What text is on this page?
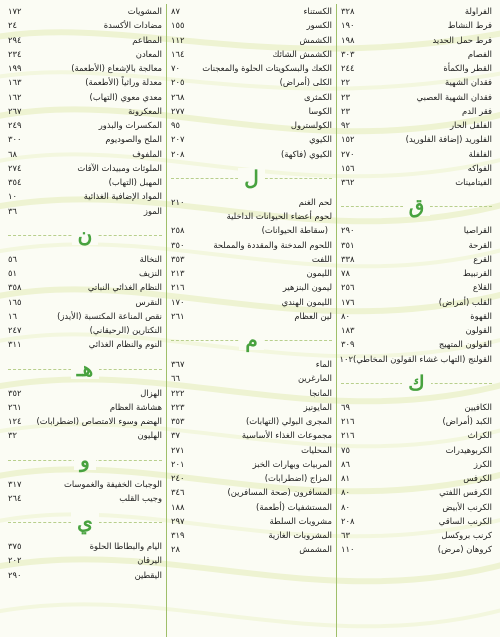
الفراولة
٣٢٨
فرط النشاط
١٩٠
فرط حمل الحديد
١٩٨
الفصام
٣٠٣
القطر والكمأة
٢٤٤
فقدان الشهية
٢٢
فقدان الشهية العصبي
٢٣
فقر الدم
٢٣
الفلفل الحار
٩٢
الفلوريد (إضافة الفلوريد)
١٥٢
الفلفلة
٢٧٠
الفواكه
١٥٦
الفيتامينات
٣٦٢
ق
القراصيا
٢٩٠
القرحة
٣٥١
القرع
٣٣٨
القرنبيط
٧٨
القلاع
٢٥٦
القلب (أمراض)
١٧٦
القهوة
٨٠
القولون
١٨٣
القولون المتهيج
٣٠٩
القولنج (التهاب غشاء القولون المخاطي)
١٠٢
ك
الكافيين
٦٩
الكبد (أمراض)
٢١٦
الكراث
٢١٦
الكربوهيدرات
٧٥
الكرز
٨٦
الكرفس
٨١
الكرفس اللفتي
٨٠
الكرنب الأبيض
٨٠
الكرنب الساقي
٢٠٨
كرنب بروكسل
٦٣
كروهان (مرض)
١١٠
الكستناء
٨٧
الكسور
١٥٥
الكشمش
١١٢
الكشمش الشائك
١٦٤
الكعك والبسكويتات الحلوة والمعجنات
٧٠
الكلى (أمراض)
٢٠٥
الكمثرى
٢٦٨
الكوسا
٢٧٧
الكولسترول
٩٥
الكيوي
٢٠٧
الكيوي (فاكهة)
٢٠٨
ل
لحم الغنم
٢١٠
لحوم أعضاء الحيوانات الداخلية
(سقاطة الحيوانات)
٢٥٨
اللحوم المدخنة والمقددة والمملحة
٣٥٠
اللفت
٣٥٣
الليمون
٢١٣
ليمون البنزهير
٢١٦
الليمون الهندي
١٧٠
لين العظام
٢٦١
م
الماء
٣٦٧
المارغرين
٦٦
المانجا
٢٢٢
المايونيز
٢٢٣
المجرى البولي (التهابات)
٣٥٣
مجموعات الغذاء الأساسية
٣٧
المحليات
٢٧١
المربيات وبهارات الخبز
٢٠١
المزاج (اضطرابات)
٢٤٠
المسافرون (صحة المسافرين)
٣٤٦
المستشفيات (أطعمة)
١٨٨
مشروبات السلطة
٢٩٧
المشروبات الغازية
٣١٩
المشمش
٢٨
المشويات
١٧٢
مضادات الأكسدة
٢٤
المطاعم
٢٩٤
المعادن
٢٣٤
معالجة بالإشعاع (الأطعمة)
١٩٩
معدلة وراثياً (الأطعمة)
١٦٣
معدي معوي (التهاب)
١٦٢
المعكرونة
٢٦٧
المكسرات والبذور
٢٤٩
الملح والصوديوم
٣٠٠
الملفوف
٦٨
الملوثات ومبيدات الآفات
٢٧٤
المهبل (التهاب)
٣٥٤
المواد الإضافية الغذائية
١٠
الموز
٣٦
ن
النخالة
٥٦
النزيف
٥١
النظام الغذائي النباتي
٣٥٨
النقرس
١٦٥
نقص المناعة المكتسبة (الأيدز)
١٦
النكتارين (الرحيقاني)
٢٤٧
النوم والنظام الغذائي
٣١١
هـ
الهزال
٣٥٢
هشاشة العظام
٢٦١
الهضم وسوء الامتصاص (اضطرابات)
١٢٤
الهليون
٣٢
و
الوجبات الخفيفة والغموسات
٣١٧
وجيب القلب
٢٦٤
ي
اليام والبطاطا الحلوة
٣٧٥
اليرقان
٢٠٢
اليقطين
٢٩٠
